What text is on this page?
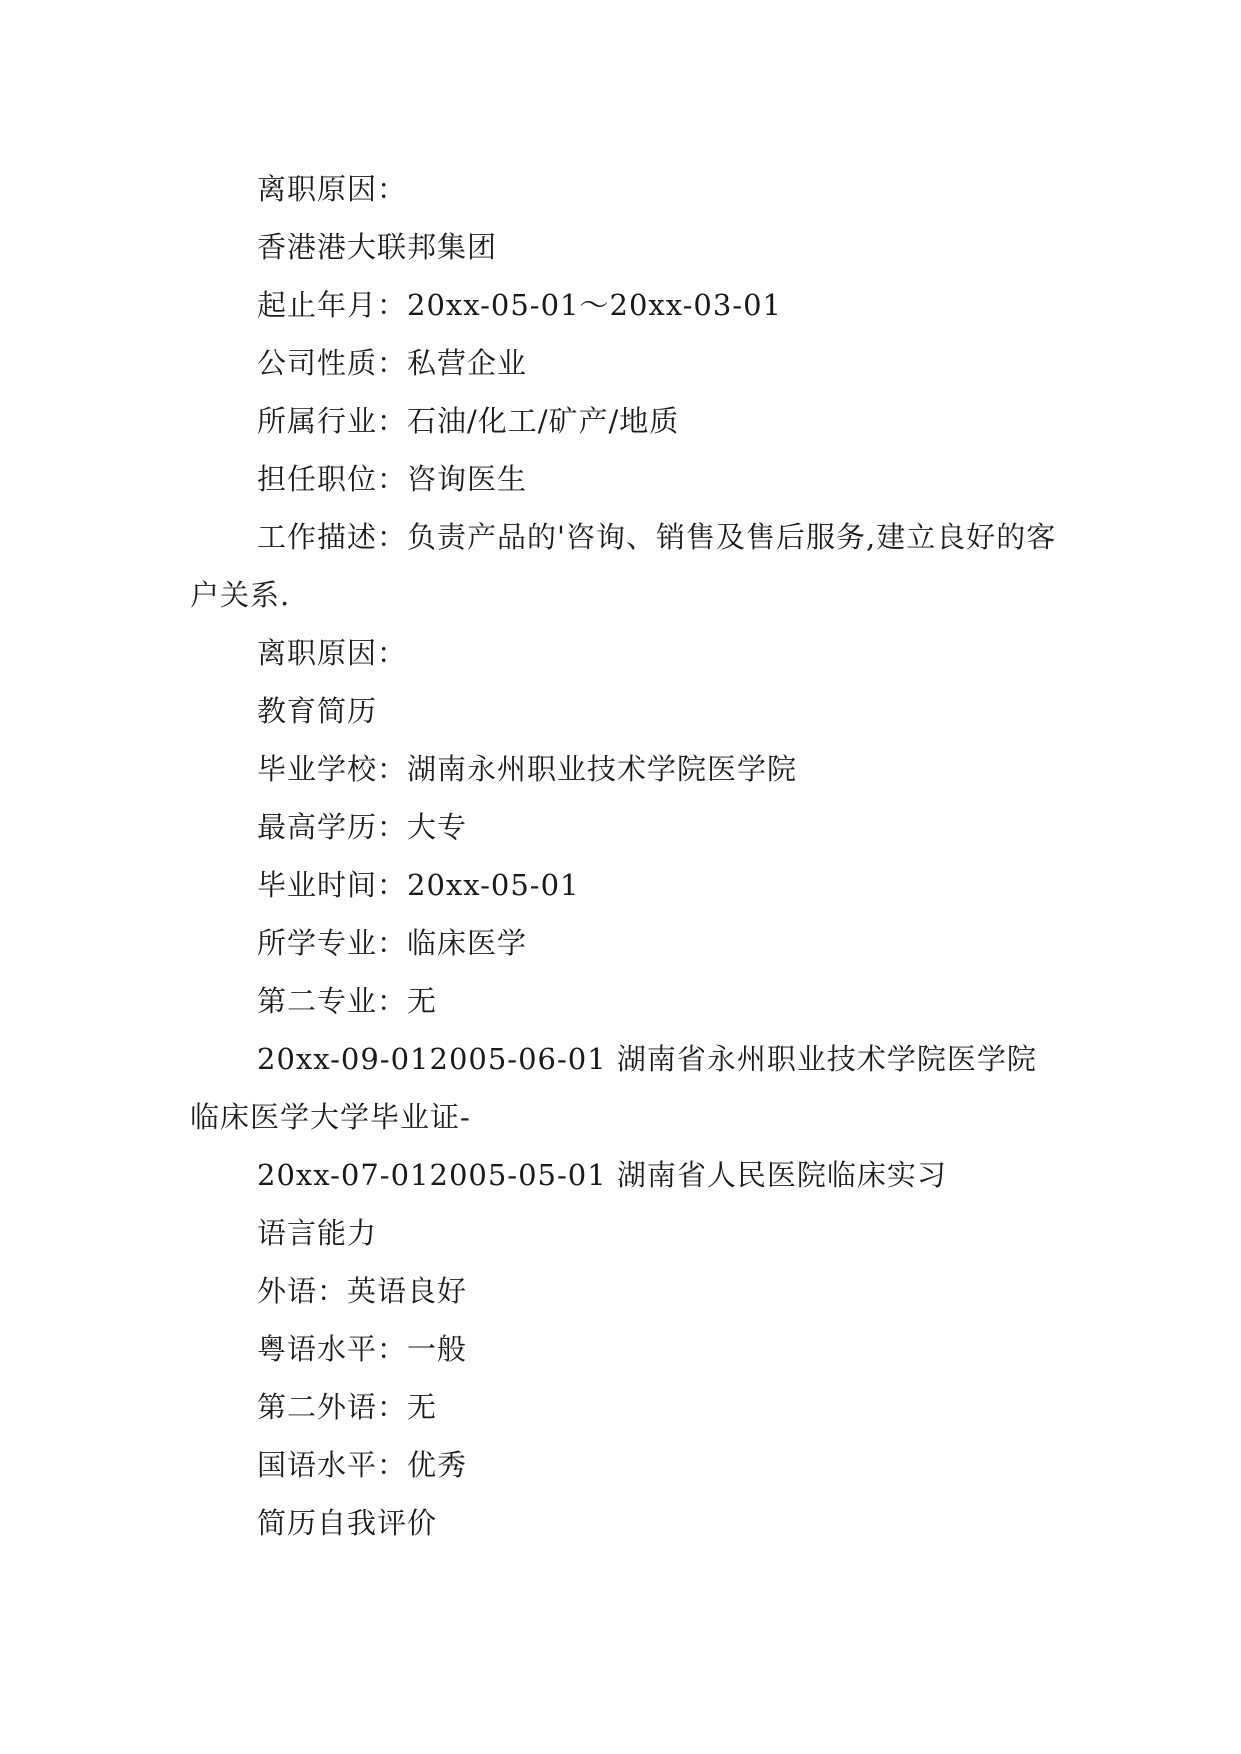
离职原因：

香港港大联邦集团

起止年月：20xx-05-01～20xx-03-01

公司性质：私营企业

所属行业：石油/化工/矿产/地质

担任职位：咨询医生

工作描述：负责产品的'咨询、销售及售后服务,建立良好的客户关系.

离职原因：

教育简历

毕业学校：湖南永州职业技术学院医学院

最高学历：大专

毕业时间：20xx-05-01

所学专业：临床医学

第二专业：无

20xx-09-012005-06-01 湖南省永州职业技术学院医学院临床医学大学毕业证-

20xx-07-012005-05-01 湖南省人民医院临床实习

语言能力

外语：英语良好

粤语水平：一般

第二外语：无

国语水平：优秀

简历自我评价
